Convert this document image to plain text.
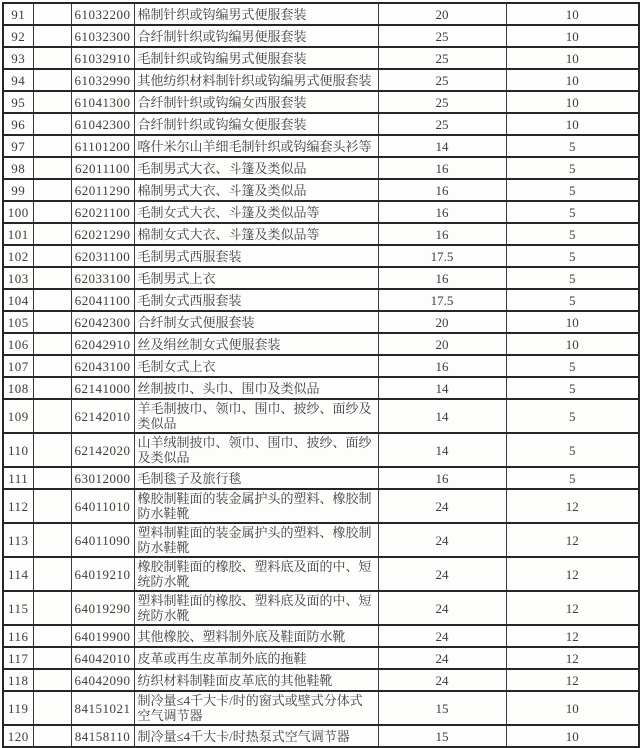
91		61032200	棉制针织或钩编男式便服套装	20	10
92		61032300	合纤制针织或钩编男便服套装	25	10
93		61032910	毛制针织或钩编男式便服套装	25	10
94		61032990	其他纺织材料制针织或钩编男式便服套装	25	10
95		61041300	合纤制针织或钩编女西服套装	25	10
96		61042300	合纤制针织或钩编女便服套装	25	10
97		61101200	喀什米尔山羊细毛制针织或钩编套头衫等	14	5
98		62011100	毛制男式大衣、斗篷及类似品	16	5
99		62011290	棉制男式大衣、斗篷及类似品	16	5
100		62021100	毛制女式大衣、斗篷及类似品等	16	5
101		62021290	棉制女式大衣、斗篷及类似品等	16	5
102		62031100	毛制男式西服套装	17.5	5
103		62033100	毛制男式上衣	16	5
104		62041100	毛制女式西服套装	17.5	5
105		62042300	合纤制女式便服套装	20	10
106		62042910	丝及绢丝制女式便服套装	20	10
107		62043100	毛制女式上衣	16	5
108		62141000	丝制披巾、头巾、围巾及类似品	14	5
109		62142010	羊毛制披巾、领巾、围巾、披纱、面纱及类似品	14	5
110		62142020	山羊绒制披巾、领巾、围巾、披纱、面纱及类似品	14	5
111		63012000	毛制毯子及旅行毯	16	5
112		64011010	橡胶制鞋面的装金属护头的塑料、橡胶制防水鞋靴	24	12
113		64011090	塑料制鞋面的装金属护头的塑料、橡胶制防水鞋靴	24	12
114		64019210	橡胶制鞋面的橡胶、塑料底及面的中、短统防水靴	24	12
115		64019290	塑料制鞋面的橡胶、塑料底及面的中、短统防水靴	24	12
116		64019900	其他橡胶、塑料制外底及鞋面防水靴	24	12
117		64042010	皮革或再生皮革制外底的拖鞋	24	12
118		64042090	纺织材料制鞋面皮革底的其他鞋靴	24	12
119		84151021	制冷量≤4千大卡/时的窗式或壁式分体式空气调节器	15	10
120		84158110	制冷量≤4千大卡/时热泵式空气调节器	15	10
